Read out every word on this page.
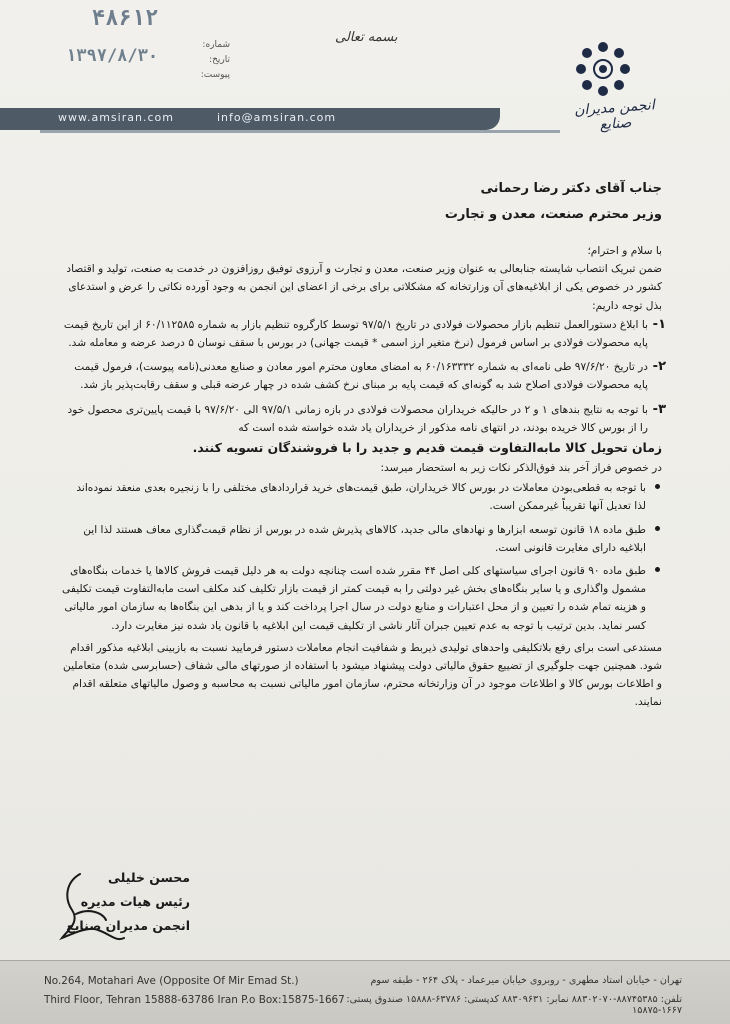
۴۸۶۱۲
شماره:
تاریخ:
پیوست:
۱۳۹۷/۸/۳۰
بسمه تعالی
انجمن مدیران صنایع
www.amsiran.com	info@amsiran.com
جناب آقای دکتر رضا رحمانی
وزیر محترم صنعت، معدن و تجارت

با سلام و احترام؛

ضمن تبریک انتصاب شایسته جنابعالی به عنوان وزیر صنعت، معدن و تجارت و آرزوی توفیق روزافزون در خدمت به صنعت، تولید و اقتصاد کشور در خصوص یکی از ابلاغیه‌های آن وزارتخانه که مشکلاتی برای برخی از اعضای این انجمن به وجود آورده نکاتی را عرض و استدعای بذل توجه داریم:

۱-
با ابلاغ دستورالعمل تنظیم بازار محصولات فولادی در تاریخ ۹۷/۵/۱ توسط کارگروه تنظیم بازار به شماره ۶۰/۱۱۲۵۸۵ از این تاریخ قیمت پایه محصولات فولادی بر اساس فرمول (نرخ متغیر ارز اسمی * قیمت جهانی) در بورس با سقف نوسان ۵ درصد عرضه و معامله شد.
۲-
در تاریخ ۹۷/۶/۲۰ طی نامه‌ای به شماره ۶۰/۱۶۳۳۳۲ به امضای معاون محترم امور معادن و صنایع معدنی(نامه پیوست)، فرمول قیمت پایه محصولات فولادی اصلاح شد به گونه‌ای که قیمت پایه بر مبنای نرخ کشف شده در چهار عرضه قبلی و سقف رقابت‌پذیر باز شد.
۳-
با توجه به نتایج بندهای ۱ و ۲ در حالیکه خریداران محصولات فولادی در بازه زمانی ۹۷/۵/۱ الی ۹۷/۶/۲۰ با قیمت پایین‌تری محصول خود را از بورس کالا خریده بودند، در انتهای نامه مذکور از خریداران یاد شده خواسته شده است که

زمان تحویل کالا مابه‌التفاوت قیمت قدیم و جدید را با فروشندگان تسویه کنند.

در خصوص فراز آخر بند فوق‌الذکر نکات زیر به استحضار میرسد:

با توجه به قطعی‌بودن معاملات در بورس کالا خریداران، طبق قیمت‌های خرید قراردادهای مختلفی را با زنجیره بعدی منعقد نموده‌اند لذا تعدیل آنها تقریباً غیرممکن است.
طبق ماده ۱۸ قانون توسعه ابزارها و نهادهای مالی جدید، کالاهای پذیرش شده در بورس از نظام قیمت‌گذاری معاف هستند لذا این ابلاغیه دارای مغایرت قانونی است.
طبق ماده ۹۰ قانون اجرای سیاستهای کلی اصل ۴۴ مقرر شده است چنانچه دولت به هر دلیل قیمت فروش کالاها یا خدمات بنگاه‌های مشمول واگذاری و یا سایر بنگاه‌های بخش غیر دولتی را به قیمت کمتر از قیمت بازار تکلیف کند مکلف است مابه‌التفاوت قیمت تکلیفی و هزینه تمام شده را تعیین و از محل اعتبارات و منابع دولت در سال اجرا پرداخت کند و یا از بدهی این بنگاه‌ها به سازمان امور مالیاتی کسر نماید. بدین ترتیب با توجه به عدم تعیین جبران آثار ناشی از تکلیف قیمت این ابلاغیه با قانون یاد شده نیز مغایرت دارد.

مستدعی است برای رفع بلاتکلیفی واحدهای تولیدی ذیربط و شفافیت انجام معاملات دستور فرمایید نسبت به بازبینی ابلاغیه مذکور اقدام شود. همچنین جهت جلوگیری از تضییع حقوق مالیاتی دولت پیشنهاد میشود با استفاده از صورتهای مالی شفاف (حسابرسی شده) متعاملین و اطلاعات بورس کالا و اطلاعات موجود در آن وزارتخانه محترم، سازمان امور مالیاتی نسبت به محاسبه و وصول مالیاتهای متعلقه اقدام نمایند.

محسن خلیلی
رئیس هیات مدیره
انجمن مدیران صنایع
No.264, Motahari Ave (Opposite Of Mir Emad St.)
Third Floor, Tehran 15888-63786 Iran P.o Box:15875-1667
تهران - خیابان استاد مطهری - روبروی خیابان میرعماد - پلاک ۲۶۴ - طبقه سوم
تلفن: ۸۸۷۴۵۳۸۵-۸۸۳۰۲۰۷۰ نمابر: ۸۸۳۰۹۶۳۱ کدپستی: ۶۳۷۸۶-۱۵۸۸۸ صندوق پستی: ۱۶۶۷-۱۵۸۷۵
